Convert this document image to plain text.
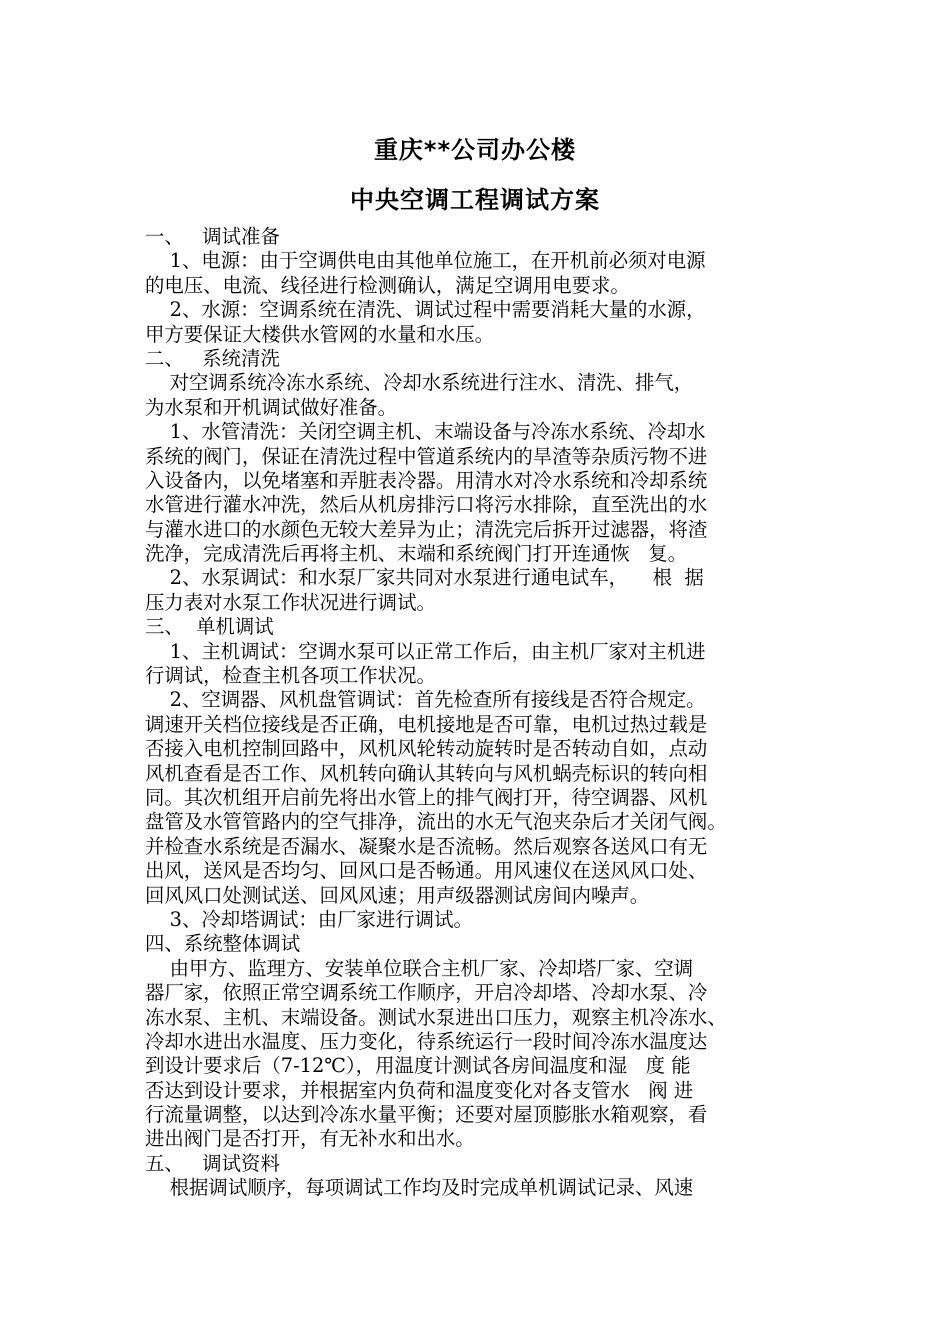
重庆**公司办公楼
中央空调工程调试方案
一、   调试准备
1、电源：由于空调供电由其他单位施工，在开机前必须对电源
的电压、电流、线径进行检测确认，满足空调用电要求。
2、水源：空调系统在清洗、调试过程中需要消耗大量的水源，
甲方要保证大楼供水管网的水量和水压。
二、   系统清洗
对空调系统冷冻水系统、冷却水系统进行注水、清洗、排气，
为水泵和开机调试做好准备。
1、水管清洗：关闭空调主机、末端设备与冷冻水系统、冷却水
系统的阀门，保证在清洗过程中管道系统内的旱渣等杂质污物不进
入设备内，以免堵塞和弄脏表冷器。用清水对冷水系统和冷却系统
水管进行灌水冲洗，然后从机房排污口将污水排除，直至洗出的水
与灌水进口的水颜色无较大差异为止；清洗完后拆开过滤器，将渣
洗净，完成清洗后再将主机、末端和系统阀门打开连通恢   复。
2、水泵调试：和水泵厂家共同对水泵进行通电试车，    根  据
压力表对水泵工作状况进行调试。
三、  单机调试
1、主机调试：空调水泵可以正常工作后，由主机厂家对主机进
行调试，检查主机各项工作状况。
2、空调器、风机盘管调试：首先检查所有接线是否符合规定。
调速开关档位接线是否正确，电机接地是否可靠，电机过热过载是
否接入电机控制回路中，风机风轮转动旋转时是否转动自如，点动
风机查看是否工作、风机转向确认其转向与风机蜗壳标识的转向相
同。其次机组开启前先将出水管上的排气阀打开，待空调器、风机
盘管及水管管路内的空气排净，流出的水无气泡夹杂后才关闭气阀。
并检查水系统是否漏水、凝聚水是否流畅。然后观察各送风口有无
出风，送风是否均匀、回风口是否畅通。用风速仪在送风风口处、
回风风口处测试送、回风风速；用声级器测试房间内噪声。
3、冷却塔调试：由厂家进行调试。
四、系统整体调试
由甲方、监理方、安装单位联合主机厂家、冷却塔厂家、空调
器厂家，依照正常空调系统工作顺序，开启冷却塔、冷却水泵、冷
冻水泵、主机、末端设备。测试水泵进出口压力，观察主机冷冻水、
冷却水进出水温度、压力变化，待系统运行一段时间冷冻水温度达
到设计要求后（7-12℃），用温度计测试各房间温度和湿   度 能
否达到设计要求，并根据室内负荷和温度变化对各支管水   阀 进
行流量调整，以达到冷冻水量平衡；还要对屋顶膨胀水箱观察，看
进出阀门是否打开，有无补水和出水。
五、   调试资料
根据调试顺序，每项调试工作均及时完成单机调试记录、风速
